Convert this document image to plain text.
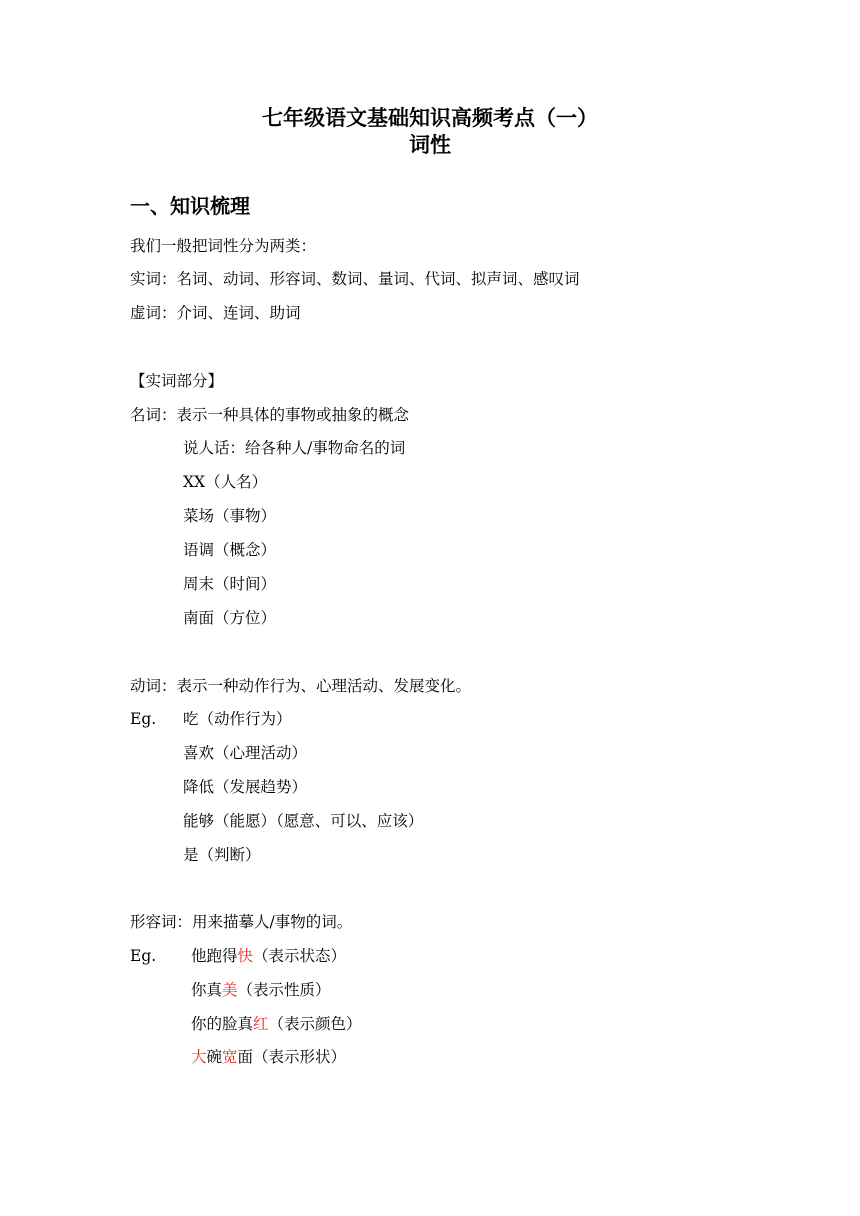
七年级语文基础知识高频考点（一）
词性
一、知识梳理
我们一般把词性分为两类：
实词：名词、动词、形容词、数词、量词、代词、拟声词、感叹词
虚词：介词、连词、助词
【实词部分】
名词：表示一种具体的事物或抽象的概念
说人话：给各种人/事物命名的词
XX（人名）
菜场（事物）
语调（概念）
周末（时间）
南面（方位）
动词：表示一种动作行为、心理活动、发展变化。
Eg. 吃（动作行为）
喜欢（心理活动）
降低（发展趋势）
能够（能愿）（愿意、可以、应该）
是（判断）
形容词：用来描摹人/事物的词。
Eg. 他跑得快（表示状态）
你真美（表示性质）
你的脸真红（表示颜色）
大碗宽面（表示形状）
